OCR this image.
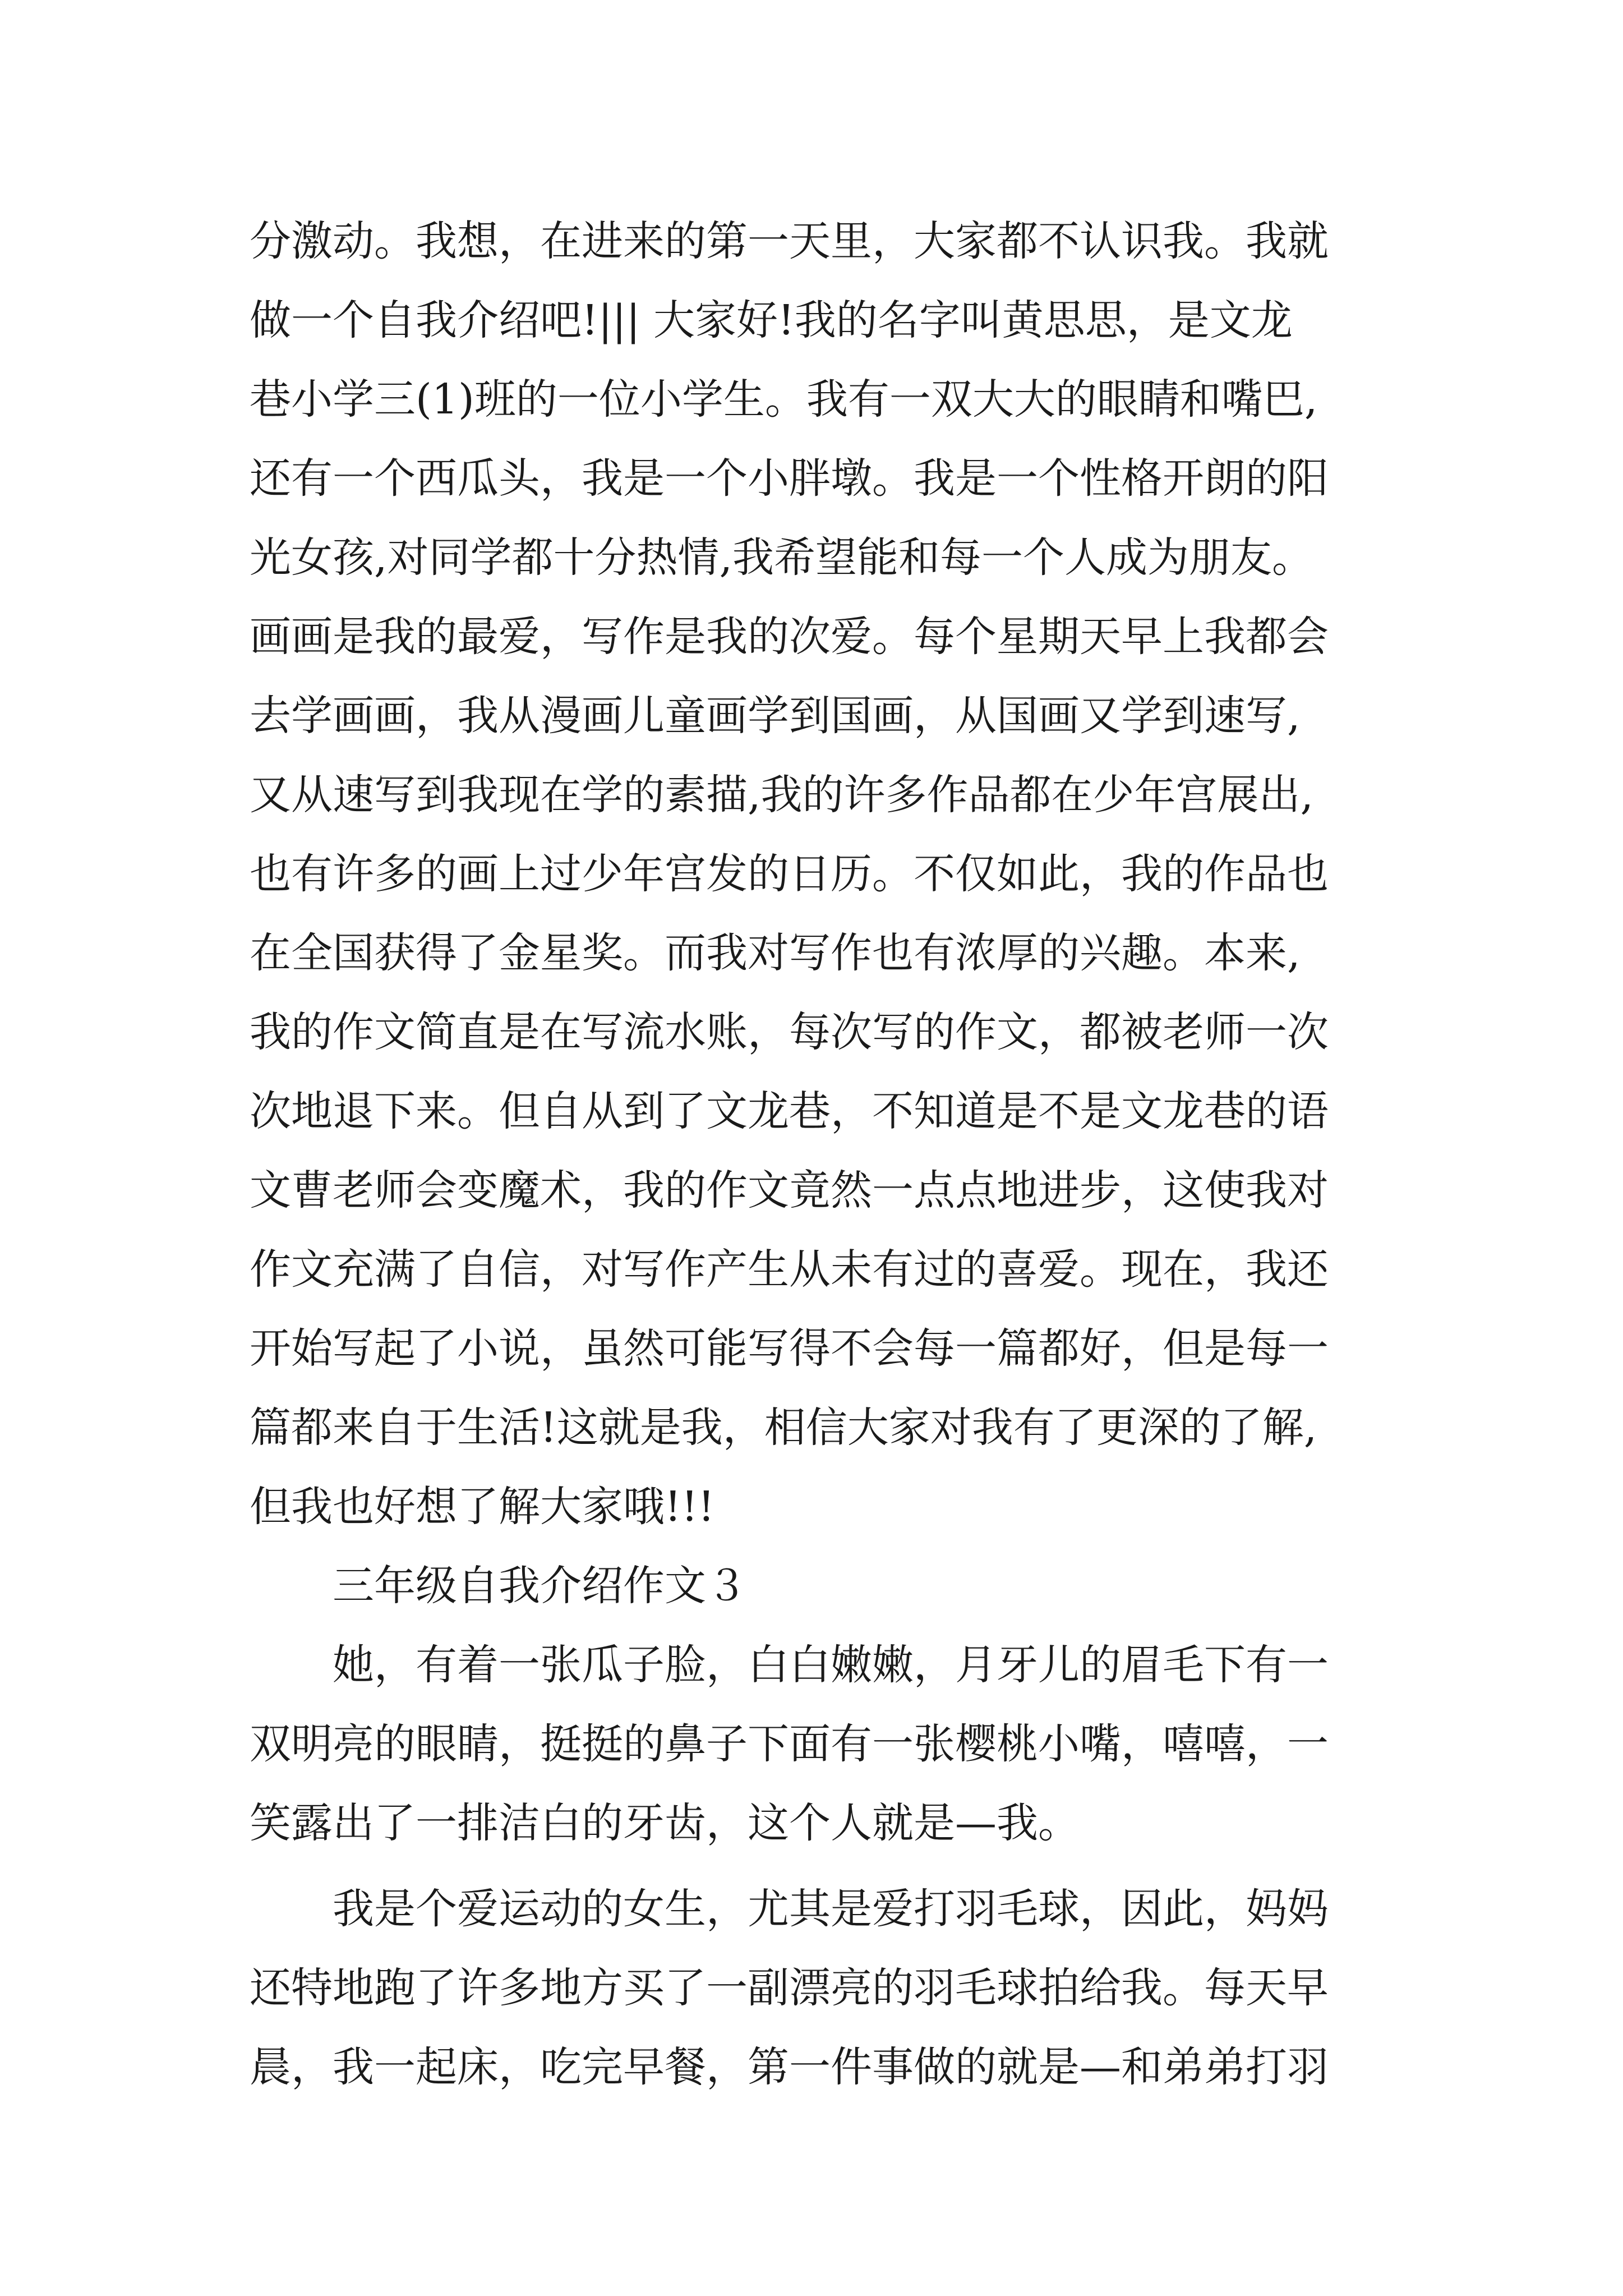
分激动。我想，在进来的第一天里，大家都不认识我。我就
做一个自我介绍吧!||| 大家好!我的名字叫黄思思，是文龙
巷小学三(1)班的一位小学生。我有一双大大的眼睛和嘴巴,
还有一个西瓜头，我是一个小胖墩。我是一个性格开朗的阳
光女孩,对同学都十分热情,我希望能和每一个人成为朋友。
画画是我的最爱，写作是我的次爱。每个星期天早上我都会
去学画画，我从漫画儿童画学到国画，从国画又学到速写,
又从速写到我现在学的素描,我的许多作品都在少年宫展出,
也有许多的画上过少年宫发的日历。不仅如此，我的作品也
在全国获得了金星奖。而我对写作也有浓厚的兴趣。本来,
我的作文简直是在写流水账，每次写的作文，都被老师一次
次地退下来。但自从到了文龙巷，不知道是不是文龙巷的语
文曹老师会变魔术，我的作文竟然一点点地进步，这使我对
作文充满了自信，对写作产生从未有过的喜爱。现在，我还
开始写起了小说，虽然可能写得不会每一篇都好，但是每一
篇都来自于生活!这就是我，相信大家对我有了更深的了解,
但我也好想了解大家哦!!!
三年级自我介绍作文３
她，有着一张瓜子脸，白白嫩嫩，月牙儿的眉毛下有一
双明亮的眼睛，挺挺的鼻子下面有一张樱桃小嘴，嘻嘻，一
笑露出了一排洁白的牙齿，这个人就是—我。
我是个爱运动的女生，尤其是爱打羽毛球，因此，妈妈
还特地跑了许多地方买了一副漂亮的羽毛球拍给我。每天早
晨，我一起床，吃完早餐，第一件事做的就是—和弟弟打羽
